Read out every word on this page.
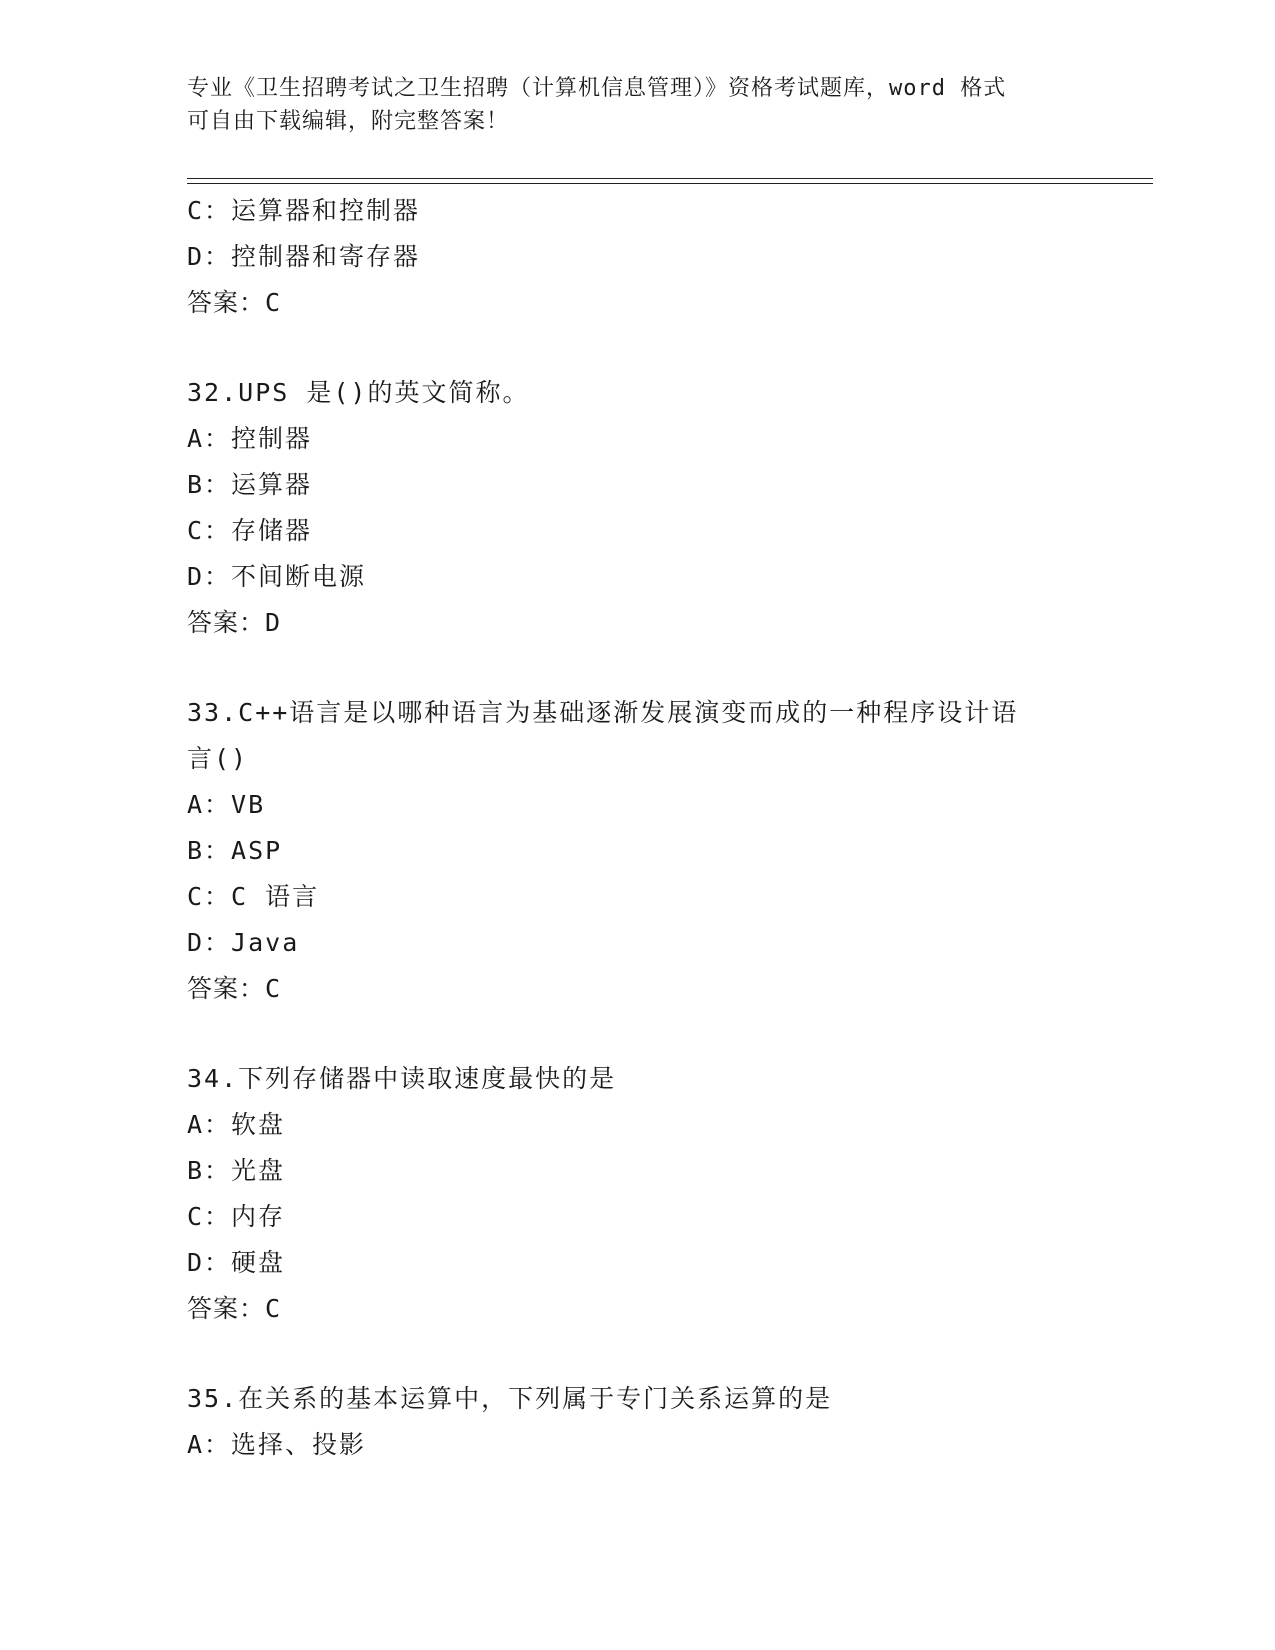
专业《卫生招聘考试之卫生招聘（计算机信息管理）》资格考试题库，word 格式
可自由下载编辑，附完整答案！
C：运算器和控制器
D：控制器和寄存器
答案：C
32.UPS 是()的英文简称。
A：控制器
B：运算器
C：存储器
D：不间断电源
答案：D
33.C++语言是以哪种语言为基础逐渐发展演变而成的一种程序设计语
言()
A：VB
B：ASP
C：C 语言
D：Java
答案：C
34.下列存储器中读取速度最快的是
A：软盘
B：光盘
C：内存
D：硬盘
答案：C
35.在关系的基本运算中，下列属于专门关系运算的是
A：选择、投影
